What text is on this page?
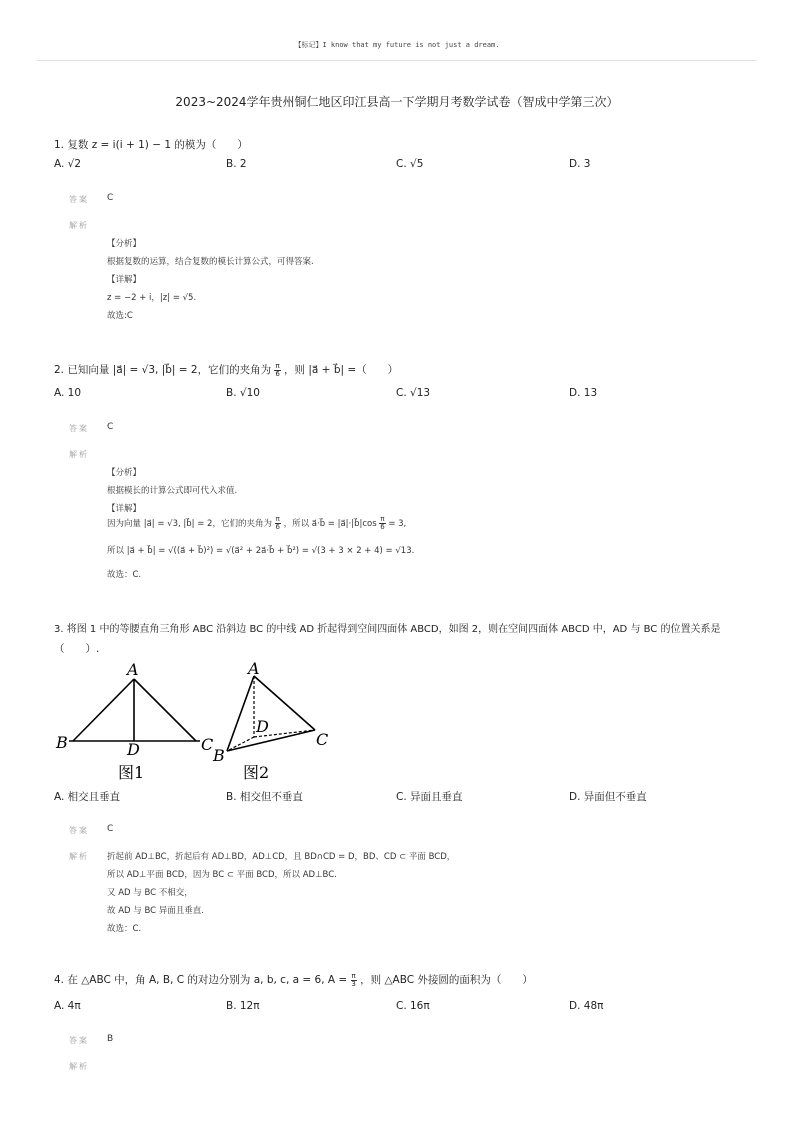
【标记】I know that my future is not just a dream.
2023~2024学年贵州铜仁地区印江县高一下学期月考数学试卷（智成中学第三次）
1. 复数 z = i(i + 1) − 1 的模为（　　）
A. √2	B. 2	C. √5	D. 3
答案 C
解析
【分析】
根据复数的运算，结合复数的模长计算公式，可得答案.
【详解】
z = −2 + i，|z| = √5.
故选:C
2. 已知向量 |a⃗| = √3, |b⃗| = 2，它们的夹角为 $\frac{\pi}{6}$ ，则 |a⃗ + b⃗| =（　　）
A. 10	B. √10	C. √13	D. 13
答案 C
解析
【分析】
根据模长的计算公式即可代入求值.
【详解】
因为向量 |a⃗| = √3, |b⃗| = 2，它们的夹角为 $\frac{\pi}{6}$ ，所以 a⃗·b⃗ = |a⃗|·|b⃗|cos $\frac{\pi}{6} = 3$,
所以 |a⃗ + b⃗| = √((a⃗ + b⃗)²) = √(a⃗² + 2a⃗·b⃗ + b⃗²) = √(3 + 3 × 2 + 4) = √13.
故选：C.
3. 将图 1 中的等腰直角三角形 ABC 沿斜边 BC 的中线 AD 折起得到空间四面体 ABCD，如图 2，则在空间四面体 ABCD 中，AD 与 BC 的位置关系是
（　　）.
A
B	C
D
图1
A
B
C
D
图2
A. 相交且垂直	B. 相交但不垂直	C. 异面且垂直	D. 异面但不垂直
答案 C
解析 折起前 AD⊥BC，折起后有 AD⊥BD，AD⊥CD，且 BD∩CD = D，BD、CD ⊂ 平面 BCD，
所以 AD⊥平面 BCD，因为 BC ⊂ 平面 BCD，所以 AD⊥BC.
又 AD 与 BC 不相交，
故 AD 与 BC 异面且垂直.
故选：C.
4. 在 △ABC 中，角 A, B, C 的对边分别为 a, b, c, a = 6, $A = \frac{\pi}{3}$ ，则 △ABC 外接圆的面积为（　　）
A. 4π	B. 12π	C. 16π	D. 48π
答案 B
解析
